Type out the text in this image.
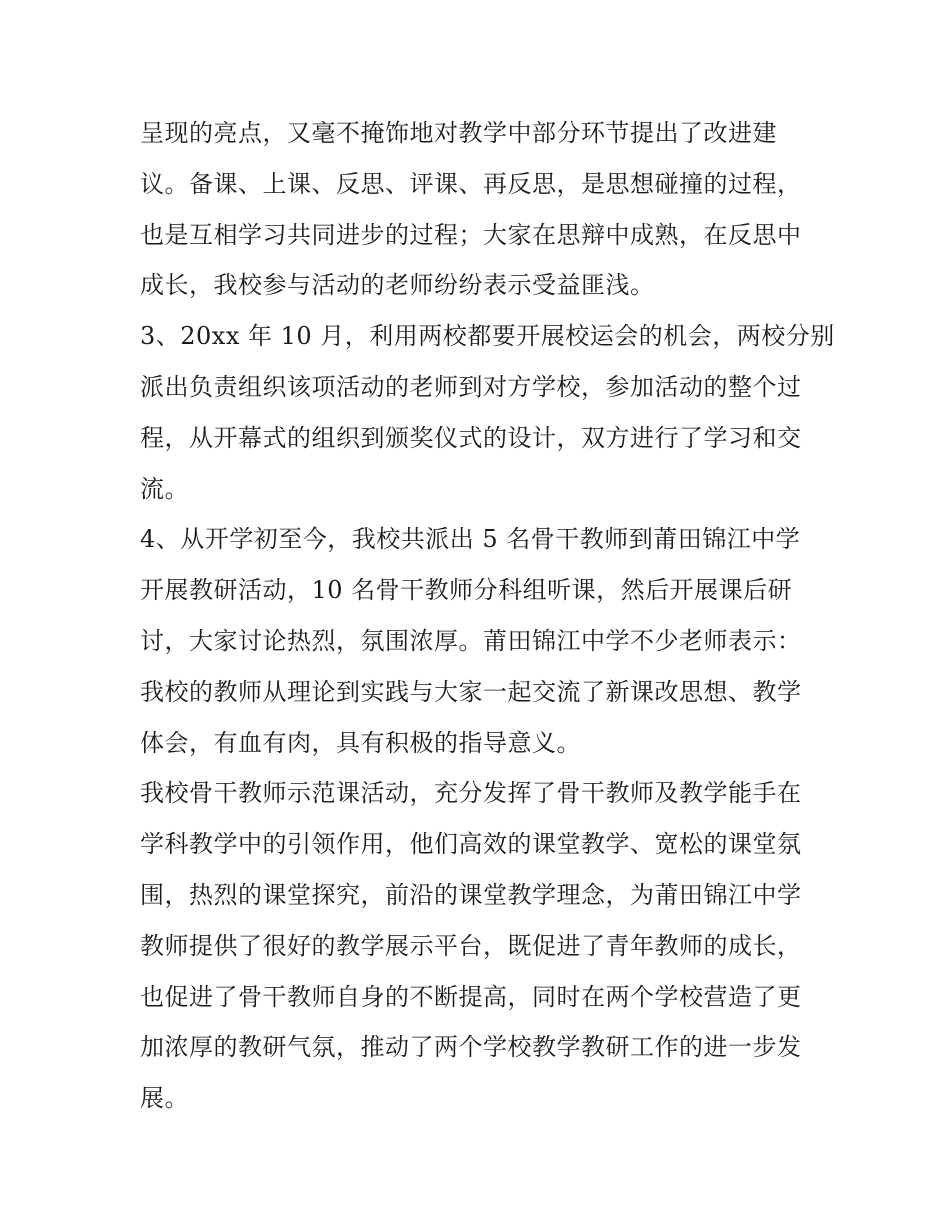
呈现的亮点，又毫不掩饰地对教学中部分环节提出了改进建
议。备课、上课、反思、评课、再反思，是思想碰撞的过程，
也是互相学习共同进步的过程；大家在思辩中成熟，在反思中
成长，我校参与活动的老师纷纷表示受益匪浅。
3、20xx 年 10 月，利用两校都要开展校运会的机会，两校分别
派出负责组织该项活动的老师到对方学校，参加活动的整个过
程，从开幕式的组织到颁奖仪式的设计，双方进行了学习和交
流。
4、从开学初至今，我校共派出 5 名骨干教师到莆田锦江中学
开展教研活动，10 名骨干教师分科组听课，然后开展课后研
讨，大家讨论热烈，氛围浓厚。莆田锦江中学不少老师表示：
我校的教师从理论到实践与大家一起交流了新课改思想、教学
体会，有血有肉，具有积极的指导意义。
我校骨干教师示范课活动，充分发挥了骨干教师及教学能手在
学科教学中的引领作用，他们高效的课堂教学、宽松的课堂氛
围，热烈的课堂探究，前沿的课堂教学理念，为莆田锦江中学
教师提供了很好的教学展示平台，既促进了青年教师的成长，
也促进了骨干教师自身的不断提高，同时在两个学校营造了更
加浓厚的教研气氛，推动了两个学校教学教研工作的进一步发
展。
